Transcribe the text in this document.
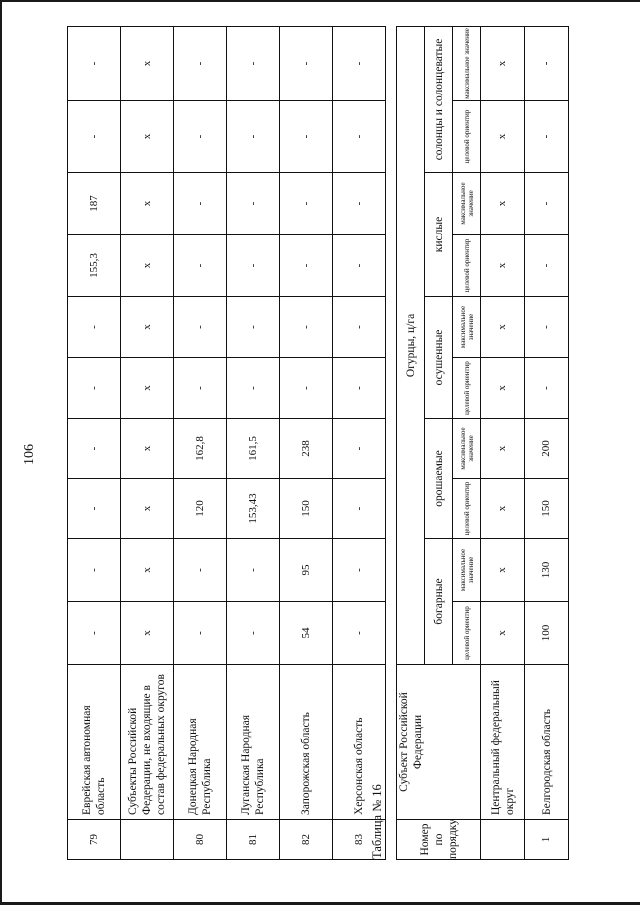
106
79	Еврейская автономная область	-	-	-	-	-	-	155,3	187	-	-
	Субъекты Российской Федерации, не входящие в состав федеральных округов	х	х	х	х	х	х	х	х	х	х
80	Донецкая Народная Республика	-	-	120	162,8	-	-	-	-	-	-
81	Луганская Народная Республика	-	-	153,43	161,5	-	-	-	-	-	-
82	Запорожская область	54	95	150	238	-	-	-	-	-	-
83	Херсонская область	-	-	-	-	-	-	-	-	-	-
Таблица № 16	Номер по порядку	Субъект Российской Федерации	Огурцы, ц/га									
		богарные		орошаемые		осушенные		кислые		солонцы и солонцеватые	
		целевой ориентир	максимальное значение	целевой ориентир	максимальное значение	целевой ориентир	максимальное значение	целевой ориентир	максимальное значение	целевой ориентир	максимальное значение
	Центральный федеральный округ	х	х	х	х	х	х	х	х	х	х
1	Белгородская область	100	130	150	200	-	-	-	-	-	-
